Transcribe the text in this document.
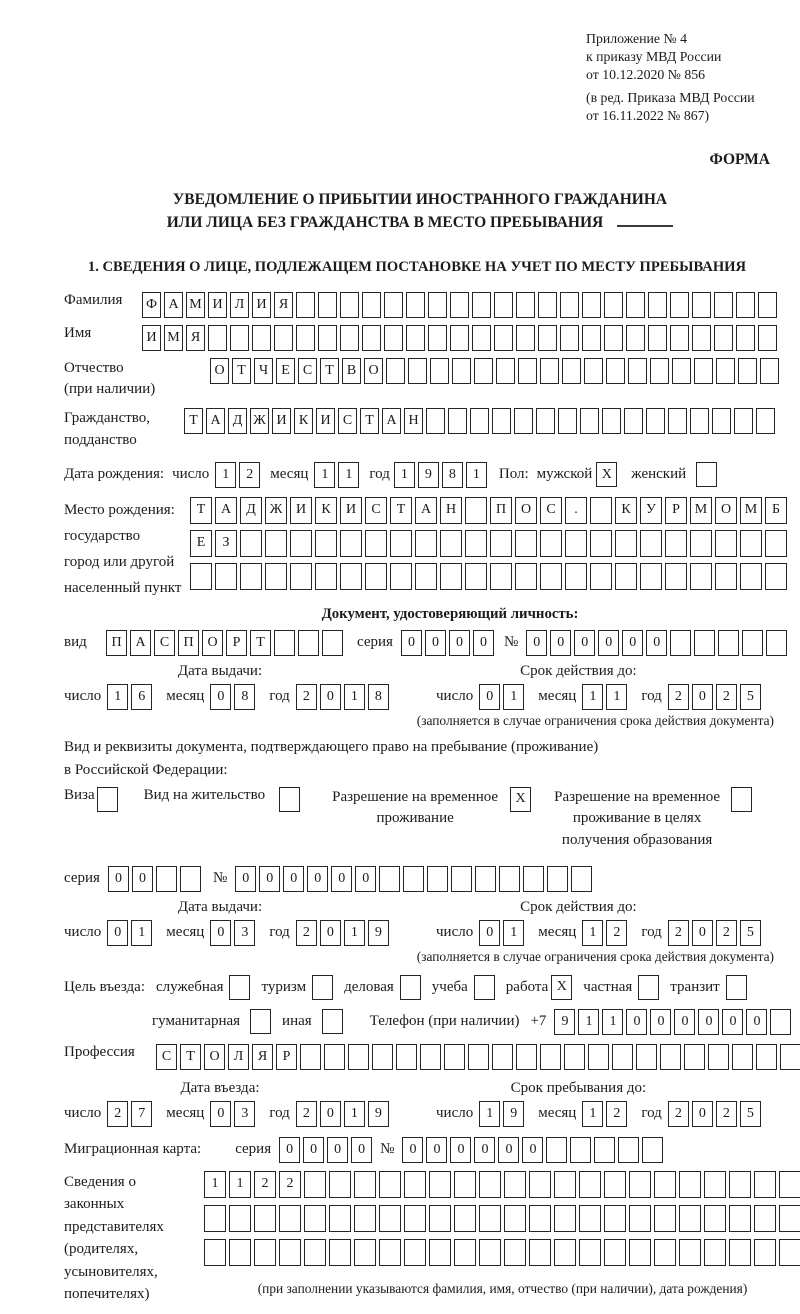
Приложение № 4
к приказу МВД России
от 10.12.2020 № 856
(в ред. Приказа МВД России
от 16.11.2022 № 867)
ФОРМА
УВЕДОМЛЕНИЕ О ПРИБЫТИИ ИНОСТРАННОГО ГРАЖДАНИНА
ИЛИ ЛИЦА БЕЗ ГРАЖДАНСТВА В МЕСТО ПРЕБЫВАНИЯ
1. СВЕДЕНИЯ О ЛИЦЕ, ПОДЛЕЖАЩЕМ ПОСТАНОВКЕ НА УЧЕТ ПО МЕСТУ ПРЕБЫВАНИЯ
Фамилия	Ф А М И Л И Я
Имя	И М Я
Отчество
(при наличии)
О Т Ч Е С Т В О
Гражданство,
подданство
Т А Д Ж И К И С Т А Н
Дата рождения: число 1	2	месяц 1	1	год 1	9	8	1	Пол: мужской X	женский
Место рождения:
государство
город или другой
населенный пункт
Т	А	Д Ж И	К	И	С	Т	А	Н	П	О	С	.	К	У	Р	М О М	Б
Е	З
Документ, удостоверяющий личность:
вид	П А	С	П О	Р	Т	серия	0	0	0	0	№	0	0	0	0	0	0
Дата выдачи:
число 1	6	месяц 0	8	год 2	0	1	8
Срок действия до:
число 0	1	месяц 1	1	год 2	0	2	5
(заполняется в случае ограничения срока действия документа)
Вид и реквизиты документа, подтверждающего право на пребывание (проживание)
в Российской Федерации:
Виза	Вид на жительство	Разрешение на временное
проживание
X	Разрешение на временное
проживание в целях
получения образования
серия	0	0	№	0	0	0	0	0	0
Дата выдачи:
число 0	1	месяц 0	3	год 2	0	1	9
Срок действия до:
число 0	1	месяц 1	2	год 2	0	2	5
(заполняется в случае ограничения срока действия документа)
Цель въезда: служебная	туризм	деловая	учеба	работа X	частная	транзит
гуманитарная	иная	Телефон (при наличии) +7	9	1	1	0	0	0	0	0	0
Профессия	С	Т	О	Л	Я	Р
Дата въезда:
число 2	7	месяц 0	3	год 2	0	1	9
Срок пребывания до:
число 1	9	месяц 1	2	год 2	0	2	5
Миграционная карта: серия	0	0	0	0	№	0	0	0	0	0	0
Сведения о
законных
представителях
(родителях,
усыновителях,
попечителях)
1	1	2	2
(при заполнении указываются фамилия, имя, отчество (при наличии), дата рождения)
